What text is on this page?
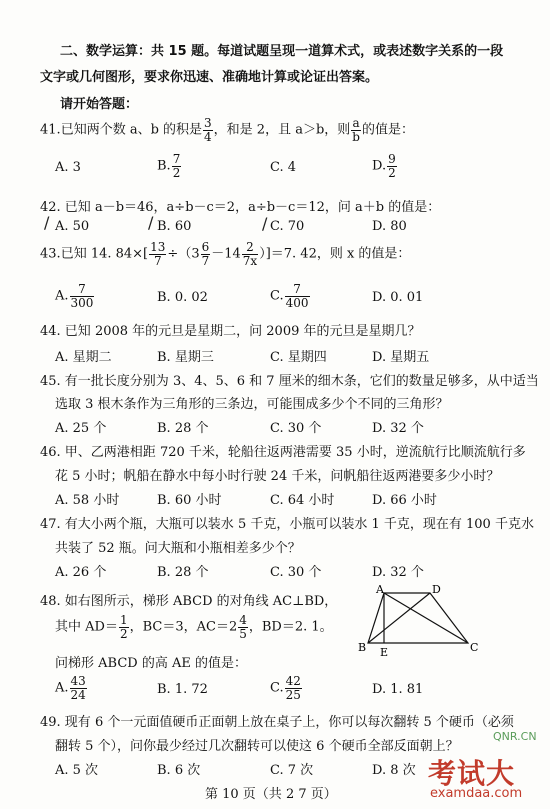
二、数学运算：共 15 题。每道试题呈现一道算术式，或表述数字关系的一段
文字或几何图形，要求你迅速、准确地计算或论证出答案。
请开始答题：
41.已知两个数 a、b 的积是 $\frac{3}{4}$ ，和是 2，且 a＞b，则 $\frac{a}{b}$ 的值是：
A. 3	B. $\frac{7}{2}$	C. 4	D. $\frac{9}{2}$
42. 已知 a－b＝46，a÷b－c＝2，a÷b－c＝12，问 a＋b 的值是：
A. 50	B. 60	C. 70	D. 80
/	/	/
43.已知 14. $84\times[ \frac{13}{7} \div(3 \frac{6}{7} -14 \frac{2}{7x} )]=7$. 42，则 x 的值是：
A. $\frac{7}{300}$	B. 0. 02	C. $\frac{7}{400}$	D. 0. 01
44. 已知 2008 年的元旦是星期二，问 2009 年的元旦是星期几？
A. 星期二	B. 星期三	C. 星期四	D. 星期五
45. 有一批长度分别为 3、4、5、6 和 7 厘米的细木条，它们的数量足够多，从中适当
选取 3 根木条作为三角形的三条边，可能围成多少个不同的三角形？
A. 25 个	B. 28 个	C. 30 个	D. 32 个
46. 甲、乙两港相距 720 千米，轮船往返两港需要 35 小时，逆流航行比顺流航行多
花 5 小时；帆船在静水中每小时行驶 24 千米，问帆船往返两港要多少小时？
A. 58 小时	B. 60 小时	C. 64 小时	D. 66 小时
47. 有大小两个瓶，大瓶可以装水 5 千克，小瓶可以装水 1 千克，现在有 100 千克水
共装了 52 瓶。问大瓶和小瓶相差多少个？
A. 26 个	B. 28 个	C. 30 个	D. 32 个
48. 如右图所示，梯形 ABCD 的对角线 AC⊥BD，
其中 $AD= \frac{1}{2}$ ，BC＝3，$AC=2 \frac{4}{5}$ ，BD＝2. 1。
问梯形 ABCD 的高 AE 的值是：
A. $\frac{43}{24}$	B. 1. 72	C. $\frac{42}{25}$	D. 1. 81
A	D
B	C
E
49. 现有 6 个一元面值硬币正面朝上放在桌子上，你可以每次翻转 5 个硬币（必须
翻转 5 个），问你最少经过几次翻转可以使这 6 个硬币全部反面朝上？
A. 5 次	B. 6 次	C. 7 次	D. 8 次
第 10 页（共 2 7 页）
QNR.CN
考试大
examdaa.com
